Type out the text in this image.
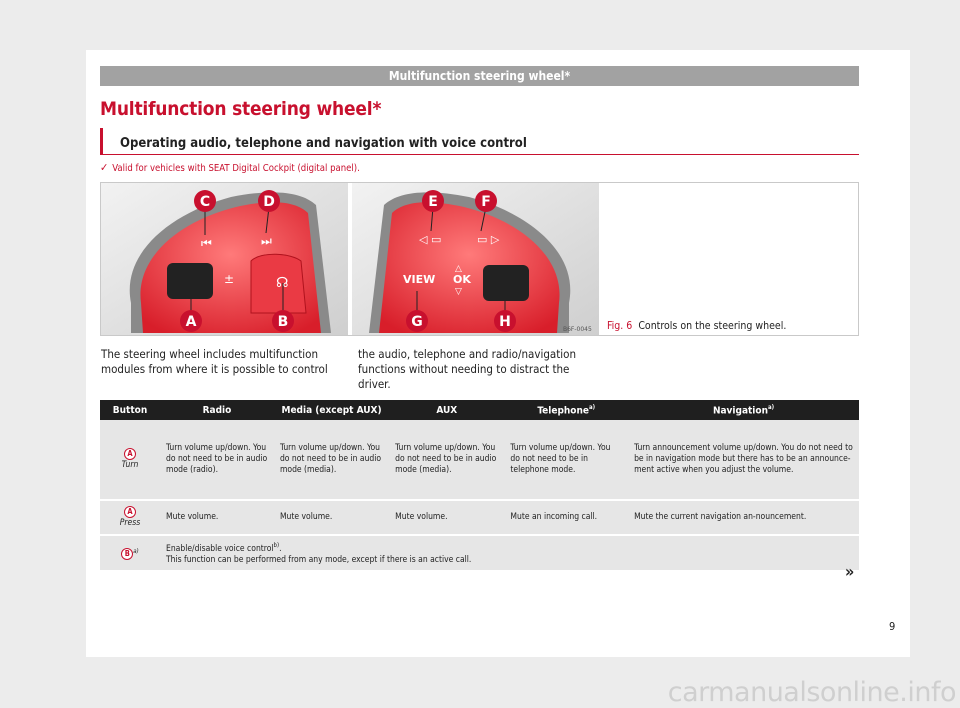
Multifunction steering wheel*
Multifunction steering wheel*
Operating audio, telephone and navigation with voice control
✓ Valid for vehicles with SEAT Digital Cockpit (digital panel).
⏮	⏭
±	☊	VIEW OK
△
▽
◁ ▭	▭ ▷
C	D	E	F
A	B	G	H	B6F-0045 Fig. 6 Controls on the steering wheel.
The steering wheel includes multifunction modules from where it is possible to control
the audio, telephone and radio/navigation functions without needing to distract the driver.
Button	Radio	Media (except AUX)	AUX	Telephone$^{a)}$	Navigation$^{a)}$
A
Turn	Turn volume up/down. You do not need to be in audio mode (radio).	Turn volume up/down. You do not need to be in audio mode (media).	Turn volume up/down. You do not need to be in audio mode (media).	Turn volume up/down. You do not need to be in telephone mode.	Turn announcement volume up/down. You do not need to be in navigation mode but there has to be an announce-ment active when you adjust the volume.
A
Press	Mute volume.	Mute volume.	Mute volume.	Mute an incoming call.	Mute the current navigation an-nouncement.
B $^{a)}$	Enable/disable voice control$^{b)}$.
This function can be performed from any mode, except if there is an active call.				
»
9
carmanualsonline.info
